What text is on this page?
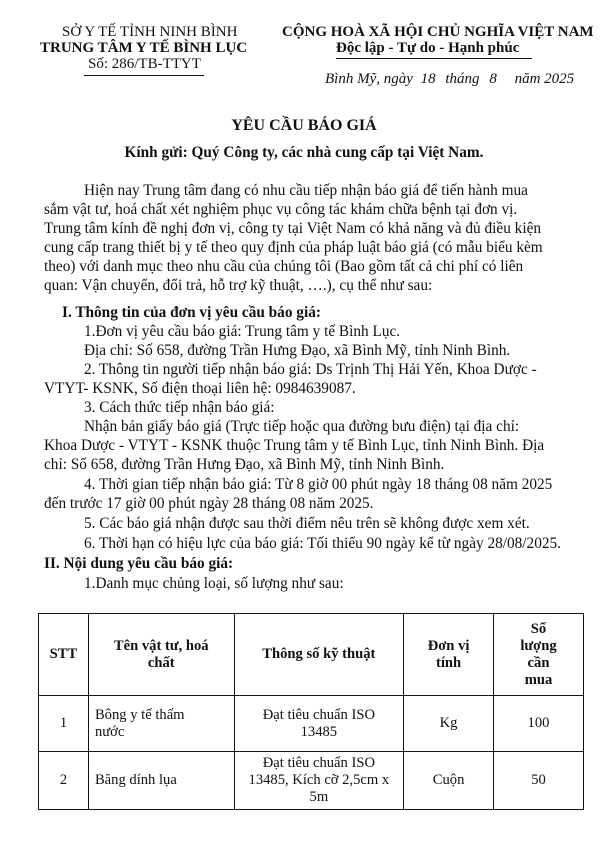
SỞ Y TẾ TỈNH NINH BÌNH
TRUNG TÂM Y TẾ BÌNH LỤC
Số: 286/TB-TTYT
CỘNG HOÀ XÃ HỘI CHỦ NGHĨA VIỆT NAM
Độc lập - Tự do - Hạnh phúc
Bình Mỹ, ngày 18 tháng 8 năm 2025
YÊU CẦU BÁO GIÁ
Kính gửi: Quý Công ty, các nhà cung cấp tại Việt Nam.
Hiện nay Trung tâm đang có nhu cầu tiếp nhận báo giá để tiến hành mua
sắm vật tư, hoá chất xét nghiệm phục vụ công tác khám chữa bệnh tại đơn vị.
Trung tâm kính đề nghị đơn vị, công ty tại Việt Nam có khả năng và đủ điều kiện
cung cấp trang thiết bị y tế theo quy định của pháp luật báo giá (có mẫu biểu kèm
theo) với danh mục theo nhu cầu của chúng tôi (Bao gồm tất cả chi phí có liên
quan: Vận chuyển, đổi trả, hỗ trợ kỹ thuật, ….), cụ thể như sau:
I. Thông tin của đơn vị yêu cầu báo giá:
1.Đơn vị yêu cầu báo giá: Trung tâm y tế Bình Lục.
Địa chỉ: Số 658, đường Trần Hưng Đạo, xã Bình Mỹ, tỉnh Ninh Bình.
2. Thông tin người tiếp nhận báo giá: Ds Trịnh Thị Hải Yến, Khoa Dược -
VTYT- KSNK, Số điện thoại liên hệ: 0984639087.
3. Cách thức tiếp nhận báo giá:
Nhận bản giấy báo giá (Trực tiếp hoặc qua đường bưu điện) tại địa chỉ:
Khoa Dược - VTYT - KSNK thuộc Trung tâm y tế Bình Lục, tỉnh Ninh Bình. Địa
chỉ: Số 658, đường Trần Hưng Đạo, xã Bình Mỹ, tỉnh Ninh Bình.
4. Thời gian tiếp nhận báo giá: Từ 8 giờ 00 phút ngày 18 tháng 08 năm 2025
đến trước 17 giờ 00 phút ngày 28 tháng 08 năm 2025.
5. Các báo giá nhận được sau thời điểm nêu trên sẽ không được xem xét.
6. Thời hạn có hiệu lực của báo giá: Tối thiểu 90 ngày kể từ ngày 28/08/2025.
II. Nội dung yêu cầu báo giá:
1.Danh mục chủng loại, số lượng như sau:
STT	Tên vật tư, hoá chất	Thông số kỹ thuật	Đơn vị tính	Số lượng cần mua
1	Bông y tế thấm nước	Đạt tiêu chuẩn ISO 13485	Kg	100
2	Băng dính lụa	Đạt tiêu chuẩn ISO 13485, Kích cỡ 2,5cm x 5m	Cuộn	50
